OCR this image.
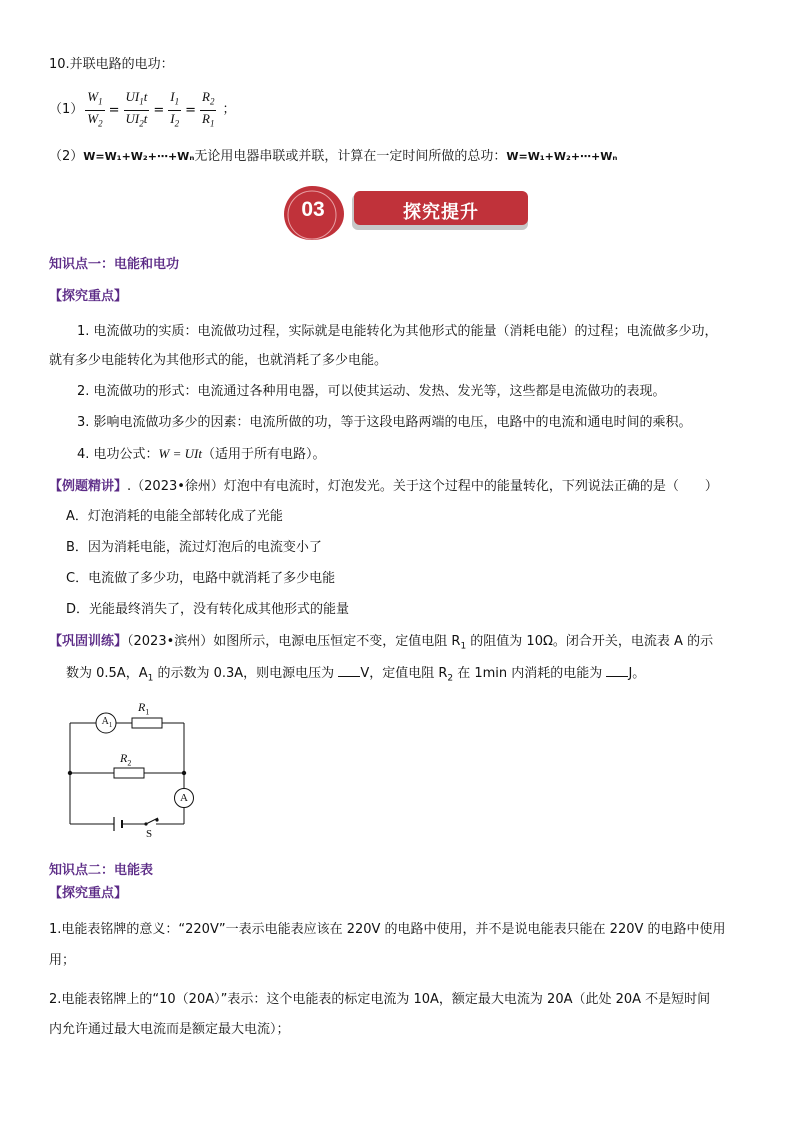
10.并联电路的电功：
$(1) \frac{W_1}{W_2} = \frac{UI_1t}{UI_2t} = \frac{I_1}{I_2} = \frac{R_2}{R_1}$ ；
（2）W=W₁+W₂+⋯+Wₙ无论用电器串联或并联，计算在一定时间所做的总功：W=W₁+W₂+⋯+Wₙ
03	探究提升
知识点一：电能和电功
【探究重点】
1. 电流做功的实质：电流做功过程，实际就是电能转化为其他形式的能量（消耗电能）的过程；电流做多少功，
就有多少电能转化为其他形式的能，也就消耗了多少电能。
2. 电流做功的形式：电流通过各种用电器，可以使其运动、发热、发光等，这些都是电流做功的表现。
3. 影响电流做功多少的因素：电流所做的功，等于这段电路两端的电压，电路中的电流和通电时间的乘积。
4. 电功公式：W = UIt（适用于所有电路）。
【例题精讲】.（2023•徐州）灯泡中有电流时，灯泡发光。关于这个过程中的能量转化，下列说法正确的是（　　）
A．灯泡消耗的电能全部转化成了光能
B．因为消耗电能，流过灯泡后的电流变小了
C．电流做了多少功，电路中就消耗了多少电能
D．光能最终消失了，没有转化成其他形式的能量
【巩固训练】（2023•滨州）如图所示，电源电压恒定不变，定值电阻 $R_1$ 的阻值为 10Ω。闭合开关，电流表 A 的示
数为 0.5A，$A_1$ 的示数为 0.3A，则电源电压为 V，定值电阻 $R_2$ 在 1min 内消耗的电能为 J。
$A_1$
A
$R_1$
$R_2$
S
知识点二：电能表
【探究重点】
1.电能表铭牌的意义：“220V”一表示电能表应该在 220V 的电路中使用，并不是说电能表只能在 220V 的电路中使用
用；
2.电能表铭牌上的“10（20A）”表示：这个电能表的标定电流为 10A，额定最大电流为 20A（此处 20A 不是短时间
内允许通过最大电流而是额定最大电流）；
